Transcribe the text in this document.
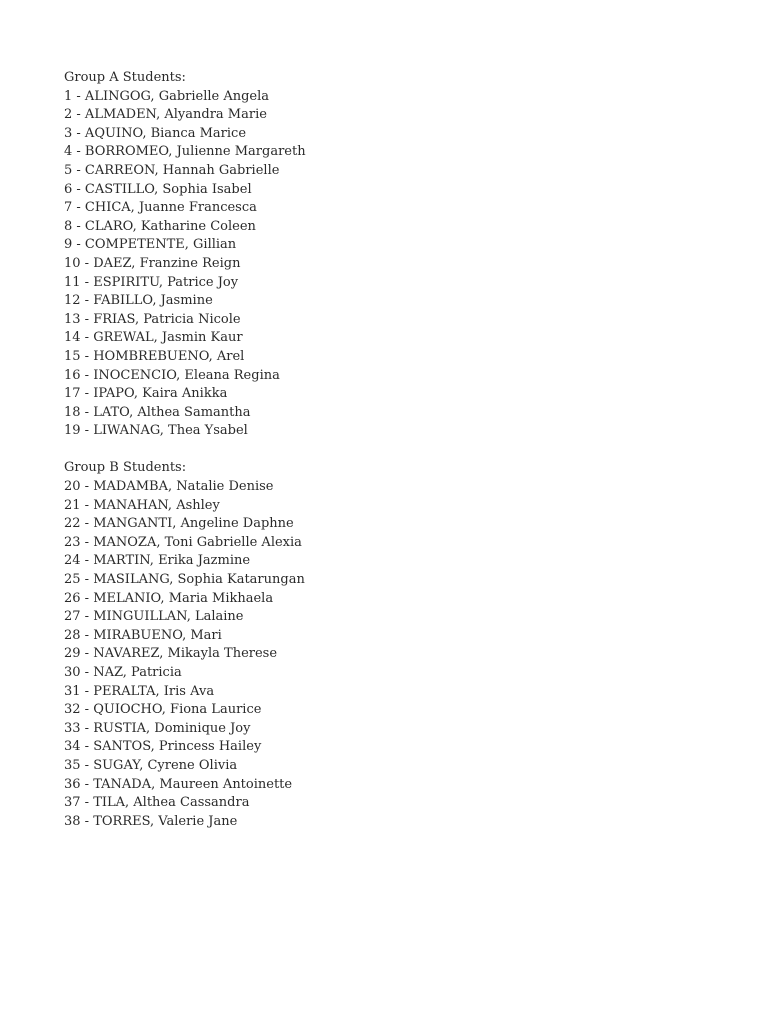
Group A Students:
1 - ALINGOG, Gabrielle Angela
2 - ALMADEN, Alyandra Marie
3 - AQUINO, Bianca Marice
4 - BORROMEO, Julienne Margareth
5 - CARREON, Hannah Gabrielle
6 - CASTILLO, Sophia Isabel
7 - CHICA, Juanne Francesca
8 - CLARO, Katharine Coleen
9 - COMPETENTE, Gillian
10 - DAEZ, Franzine Reign
11 - ESPIRITU, Patrice Joy
12 - FABILLO, Jasmine
13 - FRIAS, Patricia Nicole
14 - GREWAL, Jasmin Kaur
15 - HOMBREBUENO, Arel
16 - INOCENCIO, Eleana Regina
17 - IPAPO, Kaira Anikka
18 - LATO, Althea Samantha
19 - LIWANAG, Thea Ysabel
Group B Students:
20 - MADAMBA, Natalie Denise
21 - MANAHAN, Ashley
22 - MANGANTI, Angeline Daphne
23 - MANOZA, Toni Gabrielle Alexia
24 - MARTIN, Erika Jazmine
25 - MASILANG, Sophia Katarungan
26 - MELANIO, Maria Mikhaela
27 - MINGUILLAN, Lalaine
28 - MIRABUENO, Mari
29 - NAVAREZ, Mikayla Therese
30 - NAZ, Patricia
31 - PERALTA, Iris Ava
32 - QUIOCHO, Fiona Laurice
33 - RUSTIA, Dominique Joy
34 - SANTOS, Princess Hailey
35 - SUGAY, Cyrene Olivia
36 - TANADA, Maureen Antoinette
37 - TILA, Althea Cassandra
38 - TORRES, Valerie Jane
